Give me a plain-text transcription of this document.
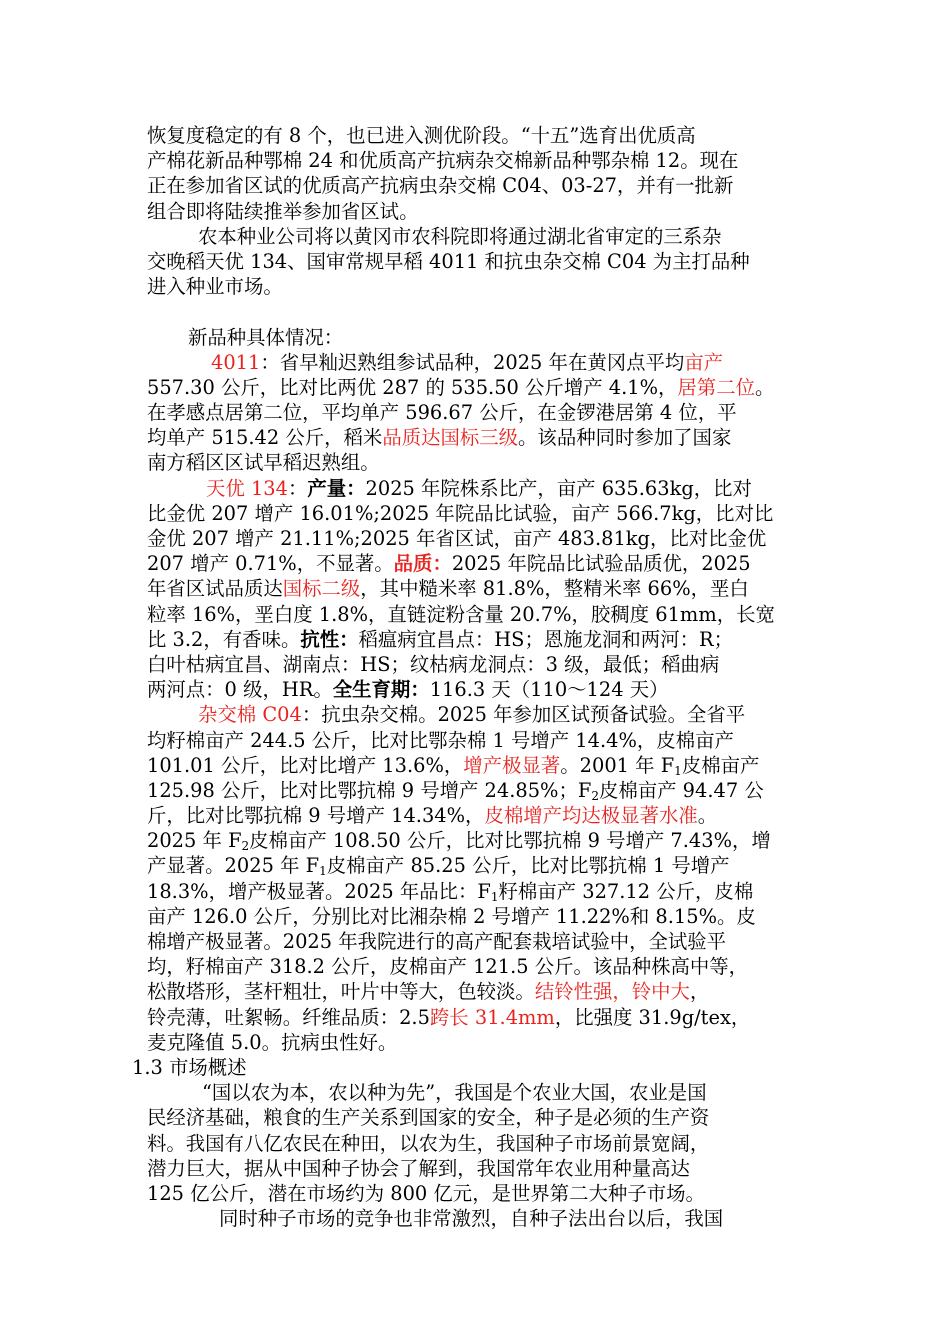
恢复度稳定的有 8 个，也已进入测优阶段。“十五”选育出优质高
产棉花新品种鄂棉 24 和优质高产抗病杂交棉新品种鄂杂棉 12。现在
正在参加省区试的优质高产抗病虫杂交棉 C04、03-27，并有一批新
组合即将陆续推举参加省区试。
农本种业公司将以黄冈市农科院即将通过湖北省审定的三系杂
交晚稻天优 134、国审常规早稻 4011 和抗虫杂交棉 C04 为主打品种
进入种业市场。
新品种具体情况：
4011：省早籼迟熟组参试品种，2025 年在黄冈点平均亩产
557.30 公斤，比对比两优 287 的 535.50 公斤增产 4.1%，居第二位。
在孝感点居第二位，平均单产 596.67 公斤，在金锣港居第 4 位，平
均单产 515.42 公斤，稻米品质达国标三级。该品种同时参加了国家
南方稻区区试早稻迟熟组。
天优 134：产量：2025 年院株系比产，亩产 635.63kg，比对
比金优 207 增产 16.01%;2025 年院品比试验，亩产 566.7kg，比对比
金优 207 增产 21.11%;2025 年省区试，亩产 483.81kg，比对比金优
207 增产 0.71%，不显著。品质：2025 年院品比试验品质优，2025
年省区试品质达国标二级，其中糙米率 81.8%，整精米率 66%，垩白
粒率 16%，垩白度 1.8%，直链淀粉含量 20.7%，胶稠度 61mm，长宽
比 3.2，有香味。抗性：稻瘟病宜昌点：HS；恩施龙洞和两河：R；
白叶枯病宜昌、湖南点：HS；纹枯病龙洞点：3 级，最低；稻曲病
两河点：0 级，HR。全生育期：116.3 天（110～124 天）
杂交棉 C04：抗虫杂交棉。2025 年参加区试预备试验。全省平
均籽棉亩产 244.5 公斤，比对比鄂杂棉 1 号增产 14.4%，皮棉亩产
101.01 公斤，比对比增产 13.6%，增产极显著。2001 年 $F_1$皮棉亩产
125.98 公斤，比对比鄂抗棉 9 号增产 24.85%；$F_2$皮棉亩产 94.47 公
斤，比对比鄂抗棉 9 号增产 14.34%，皮棉增产均达极显著水准。
2025 年 $F_2$皮棉亩产 108.50 公斤，比对比鄂抗棉 9 号增产 7.43%，增
产显著。2025 年 $F_1$皮棉亩产 85.25 公斤，比对比鄂抗棉 1 号增产
18.3%，增产极显著。2025 年品比：$F_1$籽棉亩产 327.12 公斤，皮棉
亩产 126.0 公斤，分别比对比湘杂棉 2 号增产 11.22%和 8.15%。皮
棉增产极显著。2025 年我院进行的高产配套栽培试验中，全试验平
均，籽棉亩产 318.2 公斤，皮棉亩产 121.5 公斤。该品种株高中等，
松散塔形，茎杆粗壮，叶片中等大，色较淡。结铃性强，铃中大，
铃壳薄，吐絮畅。纤维品质：2.5跨长 31.4mm，比强度 31.9g/tex，
麦克隆值 5.0。抗病虫性好。
1.3 市场概述
“国以农为本，农以种为先”，我国是个农业大国，农业是国
民经济基础，粮食的生产关系到国家的安全，种子是必须的生产资
料。我国有八亿农民在种田，以农为生，我国种子市场前景宽阔，
潜力巨大，据从中国种子协会了解到，我国常年农业用种量高达
125 亿公斤，潜在市场约为 800 亿元，是世界第二大种子市场。
同时种子市场的竞争也非常激烈，自种子法出台以后，我国
